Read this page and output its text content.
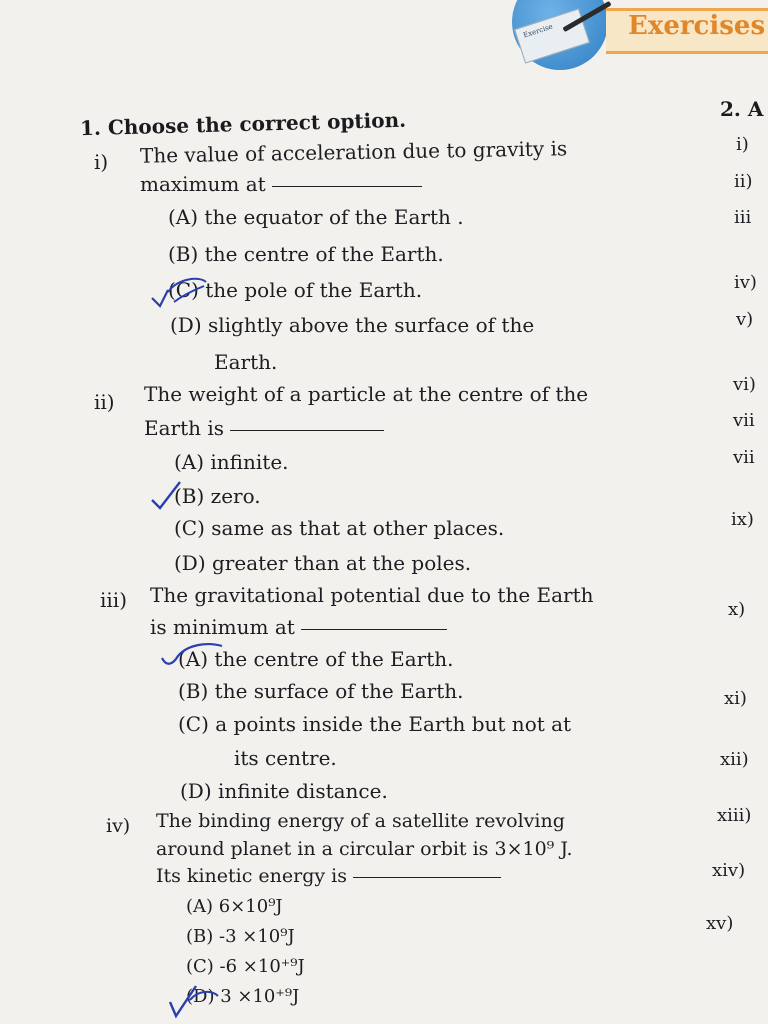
Exercise	Exercises
1. Choose the correct option.
i) The value of acceleration due to gravity is
maximum at
(A) the equator of the Earth .
(B) the centre of the Earth.
(C) the pole of the Earth.
(D) slightly above the surface of the
Earth.
ii) The weight of a particle at the centre of the
Earth is
(A) infinite.
(B) zero.
(C) same as that at other places.
(D) greater than at the poles.
iii) The gravitational potential due to the Earth
is minimum at
(A) the centre of the Earth.
(B) the surface of the Earth.
(C) a points inside the Earth but not at
its centre.
(D) infinite distance.
iv) The binding energy of a satellite revolving
around planet in a circular orbit is 3×10⁹ J.
Its kinetic energy is
(A) 6×10⁹J
(B) -3 ×10⁹J
(C) -6 ×10⁺⁹J
(D) 3 ×10⁺⁹J
2. A
i)
ii)
iii
iv)
v)
vi)
vii
vii
ix)
x)
xi)
xii)
xiii)
xiv)
xv)
